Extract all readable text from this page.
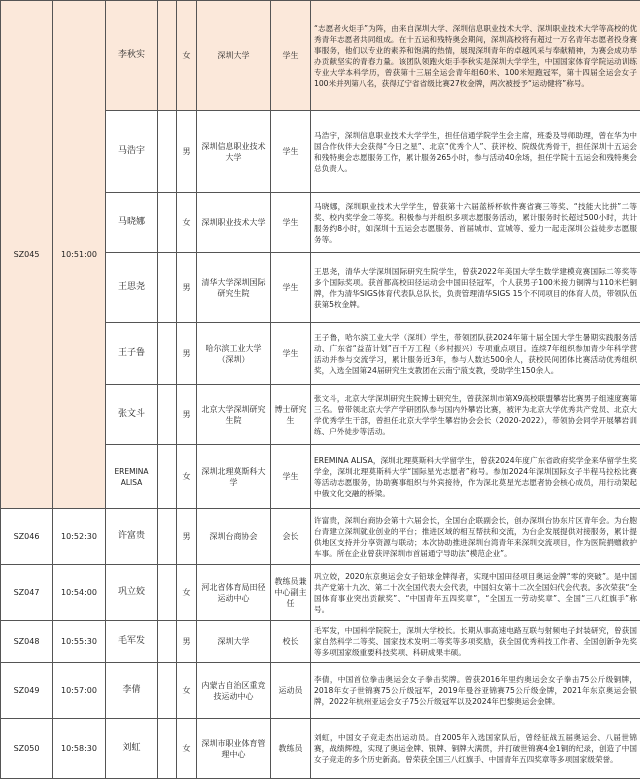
SZ045	10:51:00	李秋实		女	深圳大学	学生	“志愿者火炬手”为阵，由来自深圳大学、深圳信息职业技术大学、深圳职业技术大学等高校的优秀青年志愿者共同组成。在十五运和残特奥会期间，深圳高校将有超过一万名青年志愿者投身赛事服务，他们以专业的素养和饱满的热情，展现深圳青年的卓越风采与奉献精神，为赛会成功举办贡献坚实的青春力量。该团队领跑火炬手李秋实是深圳大学学生，中国国家体育学院运动训练专业大学本科学历，曾获第十三届全运会青年组60米、100米短跑冠军，第十四届全运会女子100米并列第八名，获得辽宁省省级比赛27枚金牌，两次被授予“运动健将”称号。
		马浩宇		男	深圳信息职业技术大学	学生	马浩宇，深圳信息职业技术大学学生，担任信通学院学生会主席，班委及导师助理，曾在华为中国合作伙伴大会获得“今日之星”、北京“优秀个人”、获评校、院级优秀骨干，担任深圳十五运会和残特奥会志愿服务工作，累计服务265小时，参与活动40余场，担任学院十五运会和残特奥会总负责人。
		马晓娜		女	深圳职业技术大学	学生	马晓娜，深圳职业技术大学学生，曾获第十六届蓝桥杯软件赛省赛三等奖、“技能大比拼”二等奖、校内奖学金二等奖。积极参与并组织多项志愿服务活动，累计服务时长超过500小时，共计服务约8小时，如深圳十五运会志愿服务、首届城市、宣城等、爱力一起走深圳公益徒步志愿服务等。
		王思尧		男	清华大学深圳国际研究生院	学生	王思尧，清华大学深圳国际研究生院学生，曾获2022年美国大学生数学建模竞赛国际二等奖等多个国际奖项。获首都高校田径运动会中国田径冠军，个人获男子100米接力铜牌与110米栏铜牌，作为清华SIGS体育代表队总队长，负责管理清华SIGS 15个不同项目的体育人员，带领队伍获第5枚金牌。
		王子鲁		男	哈尔滨工业大学（深圳）	学生	王子鲁，哈尔滨工业大学（深圳）学生，带领团队获2024年第十届全国大学生暑期实践服务活动、广东省“益苗计划”百千万工程（乡村振兴）专项重点项目。连续7年组织参加青少年科学营活动并参与交流学习，累计服务近3年，参与人数达500余人，获校民间团体比赛活动优秀组织奖，入选全国第24届研究生支教团在云南宁蒗支教，受助学生150余人。
		张文斗		男	北京大学深圳研究生院	博士研究生	张文斗，北京大学深圳研究生院博士研究生，曾获深圳市第X9高校联盟攀岩比赛男子组速度赛第三名。曾带领北京大学产学研团队参与国内外攀岩比赛，被评为北京大学优秀共产党员、北京大学优秀学生干部，曾担任北京大学学生攀岩协会会长（2020-2022），带领协会同学开展攀岩训练、户外徒步等活动。
		EREMINA ALISA		女	深圳北理莫斯科大学	学生	EREMINA ALISA，深圳北理莫斯科大学留学生，曾获2024年度广东省政府奖学金来华留学生奖学金，深圳北理莫斯科大学“国际星光志愿者”称号。参加2024年深圳国际女子半程马拉松比赛等活动志愿服务，协助赛事组织与外宾接待，作为深北莫星光志愿者协会核心成员，用行动架起中俄文化交融的桥梁。
SZ046	10:52:30	许富贵		男	深圳台商协会	会长	许富贵，深圳台商协会第十六届会长，全国台企联副会长，创办深圳台协东片区青年会。为台胞台青建立深圳就业创业的平台；推进区域的相互帮扶和交流，为台企发展提供对接服务，累计提供地区支持并分享资源与联动；本次协助推进深圳台湾青年来深圳交流项目，作为医院捐赠救护车事。所在企业曾获评深圳市首届通宁导助法“模范企业”。
SZ047	10:54:00	巩立姣		女	河北省体育局田径运动中心	教练员兼中心副主任	巩立姣，2020东京奥运会女子铅球金牌得者，实现中国田径项目奥运金牌“零的突破”。是中国共产党第十九次、第二十次全国代表大会代表，中国妇女第十二次全国妇代会代表。多次荣获“全国体育事业突出贡献奖”、“中国青年五四奖章”，“全国五一劳动奖章”、全国“三八红旗手”称号。
SZ048	10:55:30	毛军发		男	深圳大学	校长	毛军发，中国科学院院士，深圳大学校长。长期从事高速电路互联与射频电子封装研究，曾获国家自然科学二等奖、国家技术发明二等奖等多项奖励，获全国优秀科技工作者、全国创新争先奖等多项国家级重要科技奖项、科研成果丰硕。
SZ049	10:57:00	李倩		女	内蒙古自治区重竞技运动中心	运动员	李倩，中国首位拳击奥运会女子拳击奖牌。曾获2016年里约奥运会女子拳击75公斤级铜牌，2018年女子世锦赛75公斤级冠军，2019年曼谷亚锦赛75公斤级金牌，2021年东京奥运会银牌，2022年杭州亚运会女子75公斤级冠军以及2024年巴黎奥运会金牌。
SZ050	10:58:30	刘虹		女	深圳市职业体育管理中心	教练员	刘虹，中国女子竞走杰出运动员。自2005年入选国家队后，曾经征战五届奥运会、八届世锦赛，战绩辉煌，实现了奥运金牌、银牌、铜牌大满贯，并打破世锦赛4金1铜的纪录，创造了中国女子竞走的多个历史新高。曾荣获全国三八红旗手、中国青年五四奖章等多项国家级荣誉。
